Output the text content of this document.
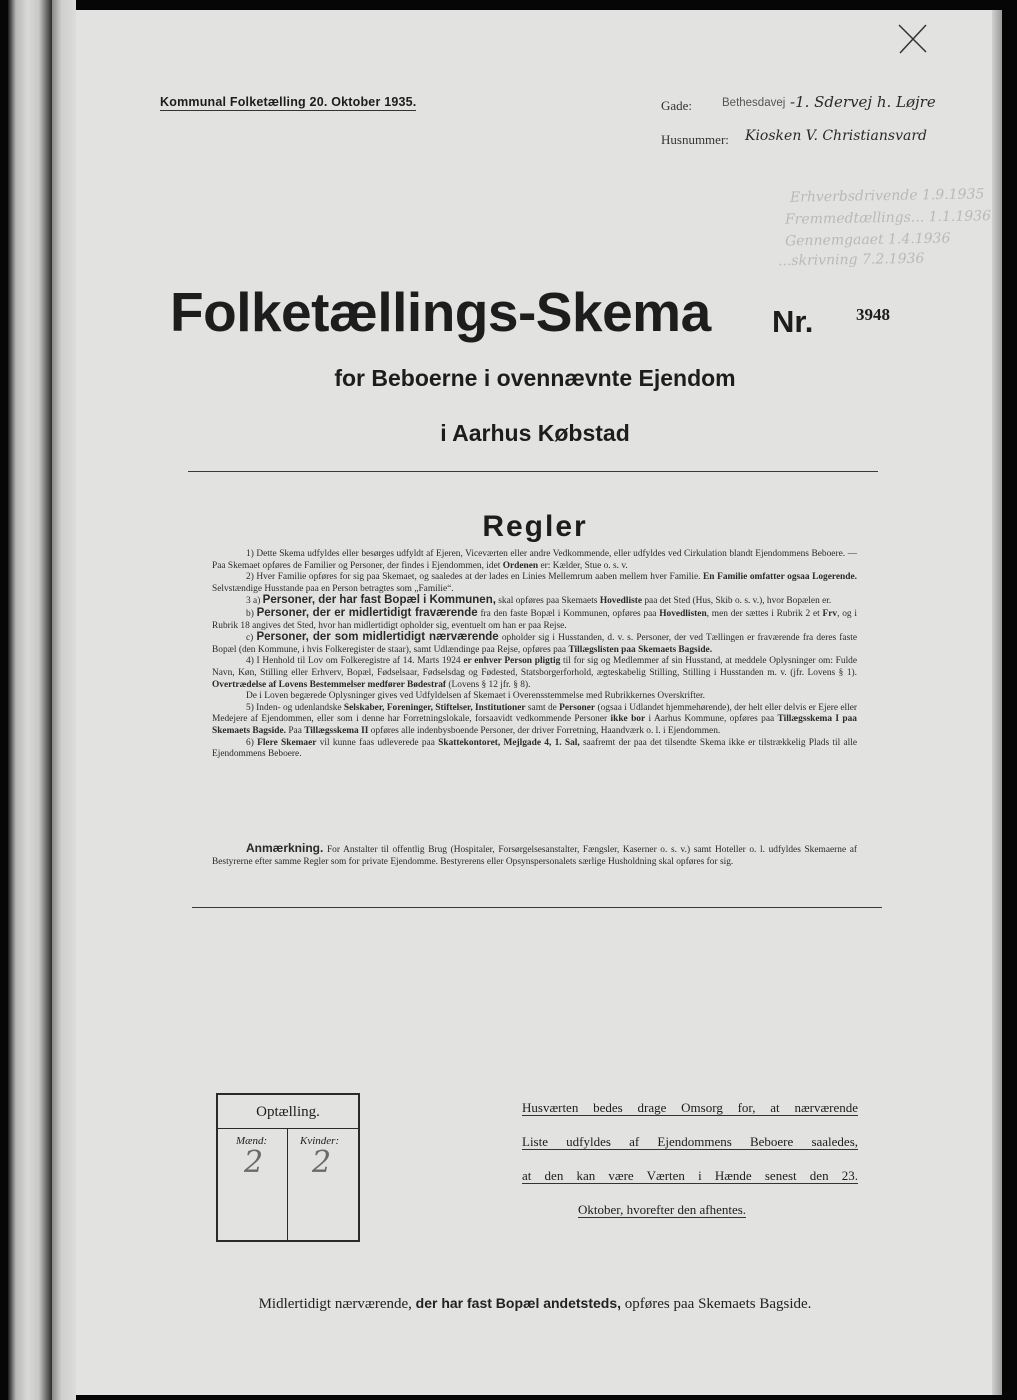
Kommunal Folketælling 20. Oktober 1935.	Gade:	Bethesdavej -1. Sdervej h. Løjre
Husnummer: Kiosken V. Christiansvard
Erhverbsdrivende 1.9.1935
Fremmedtællings... 1.1.1936
Gennemgaaet 1.4.1936
...skrivning 7.2.1936
Folketællings-Skema Nr.	3948
for Beboerne i ovennævnte Ejendom
i Aarhus Købstad
Regler

1) Dette Skema udfyldes eller besørges udfyldt af Ejeren, Viceværten eller andre Vedkommende, eller udfyldes ved Cirkulation blandt Ejendommens Beboere. — Paa Skemaet opføres de Familier og Personer, der findes i Ejendommen, idet Ordenen er: Kælder, Stue o. s. v.

2) Hver Familie opføres for sig paa Skemaet, og saaledes at der lades en Linies Mellemrum aaben mellem hver Familie. En Familie omfatter ogsaa Logerende. Selvstændige Husstande paa en Person betragtes som „Familie“.

3 a) Personer, der har fast Bopæl i Kommunen, skal opføres paa Skemaets Hovedliste paa det Sted (Hus, Skib o. s. v.), hvor Bopælen er.

b) Personer, der er midlertidigt fraværende fra den faste Bopæl i Kommunen, opføres paa Hovedlisten, men der sættes i Rubrik 2 et Frv, og i Rubrik 18 angives det Sted, hvor han midlertidigt opholder sig, eventuelt om han er paa Rejse.

c) Personer, der som midlertidigt nærværende opholder sig i Husstanden, d. v. s. Personer, der ved Tællingen er fraværende fra deres faste Bopæl (den Kommune, i hvis Folkeregister de staar), samt Udlændinge paa Rejse, opføres paa Tillægslisten paa Skemaets Bagside.

4) I Henhold til Lov om Folkeregistre af 14. Marts 1924 er enhver Person pligtig til for sig og Medlemmer af sin Husstand, at meddele Oplysninger om: Fulde Navn, Køn, Stilling eller Erhverv, Bopæl, Fødselsaar, Fødselsdag og Fødested, Statsborgerforhold, ægteskabelig Stilling, Stilling i Husstanden m. v. (jfr. Lovens § 1). Overtrædelse af Lovens Bestemmelser medfører Bødestraf (Lovens § 12 jfr. § 8).

De i Loven begærede Oplysninger gives ved Udfyldelsen af Skemaet i Overensstemmelse med Rubrikkernes Overskrifter.

5) Inden- og udenlandske Selskaber, Foreninger, Stiftelser, Institutioner samt de Personer (ogsaa i Udlandet hjemmehørende), der helt eller delvis er Ejere eller Medejere af Ejendommen, eller som i denne har Forretningslokale, forsaavidt vedkommende Personer ikke bor i Aarhus Kommune, opføres paa Tillægsskema I paa Skemaets Bagside. Paa Tillægsskema II opføres alle indenbysboende Personer, der driver Forretning, Haandværk o. l. i Ejendommen.

6) Flere Skemaer vil kunne faas udleverede paa Skattekontoret, Mejlgade 4, 1. Sal, saafremt der paa det tilsendte Skema ikke er tilstrækkelig Plads til alle Ejendommens Beboere.

Anmærkning. For Anstalter til offentlig Brug (Hospitaler, Forsørgelsesanstalter, Fængsler, Kaserner o. s. v.) samt Hoteller o. l. udfyldes Skemaerne af Bestyrerne efter samme Regler som for private Ejendomme. Bestyrerens eller Opsynspersonalets særlige Husholdning skal opføres for sig.

Optælling.
Mænd:	Kvinder:
2 2
Husværten bedes drage Omsorg for, at nærværende
Liste udfyldes af Ejendommens Beboere saaledes,
at den kan være Værten i Hænde senest den 23.
Oktober, hvorefter den afhentes.
Midlertidigt nærværende, der har fast Bopæl andetsteds, opføres paa Skemaets Bagside.
